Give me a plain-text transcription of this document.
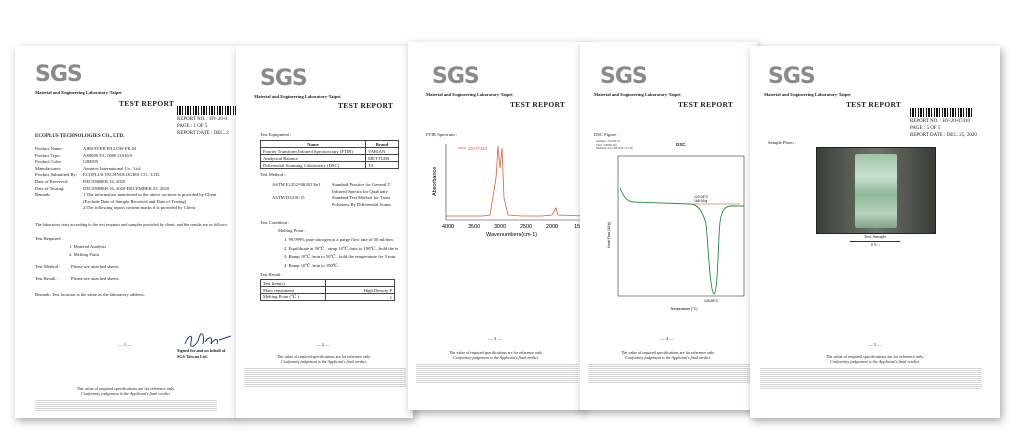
SGS
Material and Engineering Laboratory-Taipei
TEST REPORT
REPORT NO. : HV-20-0
PAGE : 1 OF 5
REPORT DATE : DEC. 2
ECOPLUS TECHNOLOGIES CO., LTD.
Product Name:	AIRSAVER PILLOW FILM
Product Type:	AS0000 F/C 0000 (3X6)-0
Product Color:	GREEN
Manufacturer:	Aeronoc International Co., Ltd.
Product Submitted By: ECOPLUS TECHNOLOGIES CO., LTD.
Date of Received:	DECEMBER 16, 2020
Date of Testing:	DECEMBER 16, 2020-DECEMBER 25, 2020
Remark:	1.The information mentioned in the above sections is provided by Client
(Exclude Date of Sample Received and Date of Testing)
2.The following report content marks # is provided by Client
The laboratory tests according to the test requests and samples provided by client, and the results are as follows:
Test Required :
1. Material Analysis
2. Melting Point
Test Method : Please see attached sheets
Test Result :	Please see attached sheets
Remark: Test location is the same as the laboratory address.
— 1 —
Signed for and on behalf of
SGS Taiwan Ltd.
The value of required specifications are for reference only.
Conformity judgement is the Applicant's final verdict.
SGS
Material and Engineering Laboratory-Taipei
TEST REPORT
Test Equipment :
Name	Brand
Fourier Transform Infrared Spectroscopy (FTIR)	VARIAN
Analytical Balance	METTLER
Differential Scanning Calorimetry (DSC)	TA
Test Method :
ASTM E1252-98(2013)e1 Standard Practice for General T
Infrared Spectra for Qualitativ
ASTM D3418-15	Standard Test Method for Trans
Polymers By Differential Scann
Test Condition :
Melting Point :
1. 99.999% pure nitrogen at a purge flow rate of 50 ml/min
2. Equilibrate at 50℃ , ramp 10℃ /min to 190℃ , hold the te
3. Ramp 10℃ /min to 50℃ , hold the temperature for 5 min
4. Ramp 10℃ /min to 190℃ .
Test Result :
Test Item(s)	
Main constituent	High Density P
Melting Point (℃ )	1
— 2 —
The value of required specifications are for reference only.
Conformity judgement is the Applicant's final verdict.
SGS
Material and Engineering Laboratory-Taipei
TEST REPORT
FTIR Spectrum :
20-07410
Absorbance
4000	3500	3000	2500	2000	15
Wavenumbers(cm-1)
— 3 —
The value of required specifications are for reference only.
Conformity judgement is the Applicant's final verdict.
SGS
Material and Engineering Laboratory-Taipei
TEST REPORT
DSC Figure :
Sample: 20-07410
Size: 7.8000 mg
Method: AS 194 D34 15 (10)
DSC
123.05°C
168.9J/g
126.89°C
Heat Flow (W/g)
Temperature (°C)
— 4 —
The value of required specifications are for reference only.
Conformity judgement is the Applicant's final verdict.
SGS
Material and Engineering Laboratory-Taipei
TEST REPORT
REPORT NO. : HV-20-07410
PAGE : 5 OF 5
REPORT DATE : DEC. 25, 2020
Sample Photo :
Test Sample
0 0 □
— 5 —
The value of required specifications are for reference only.
Conformity judgement is the Applicant's final verdict.
